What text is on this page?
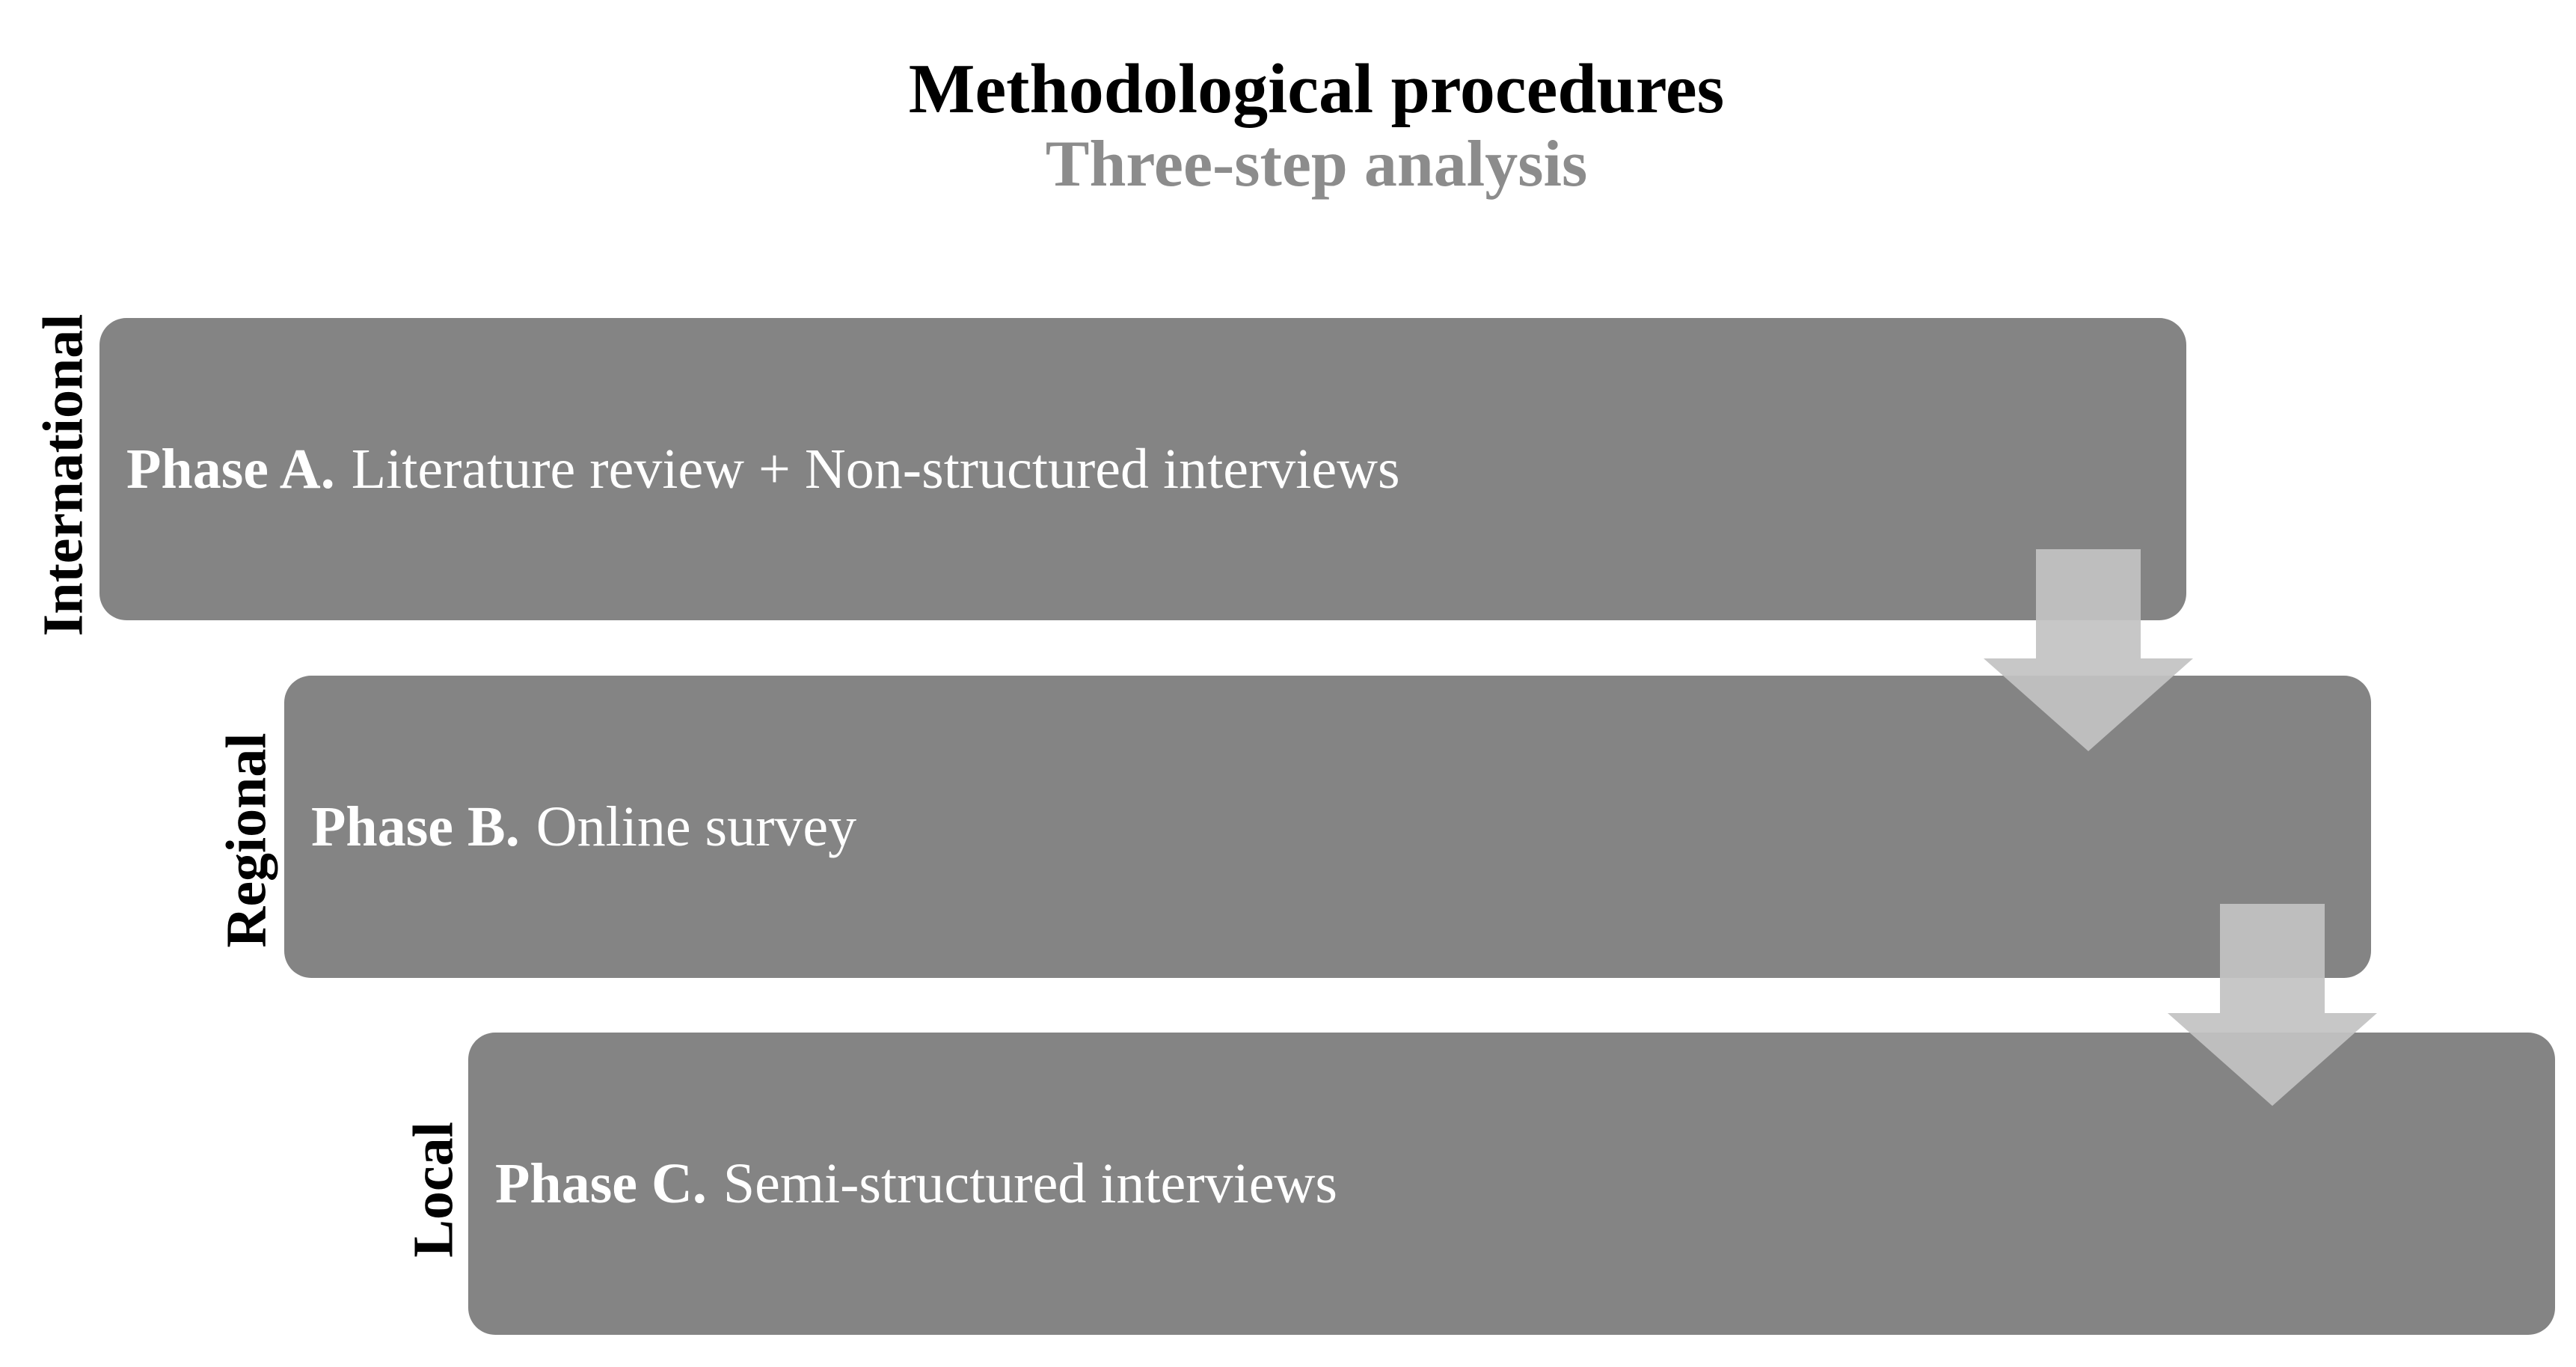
Methodological procedures
Three-step analysis
International
Regional
Local
Phase A. Literature review + Non-structured interviews
Phase B. Online survey
Phase C. Semi-structured interviews
